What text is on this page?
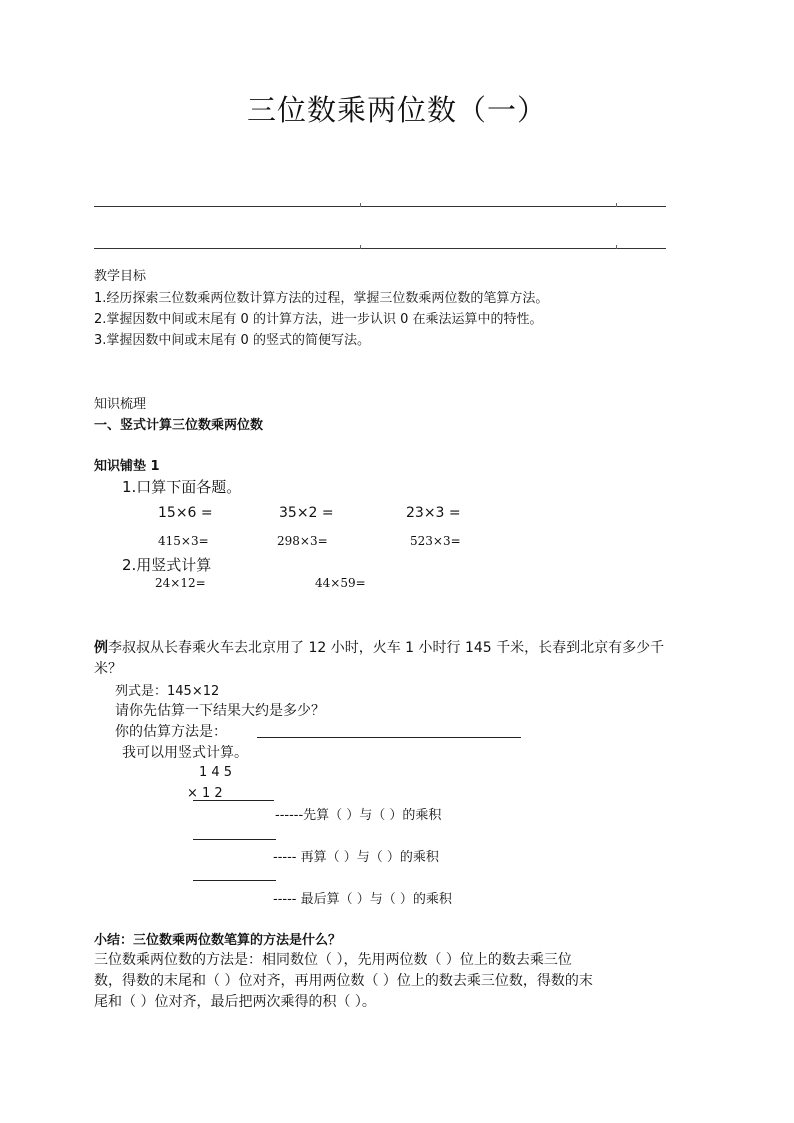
三位数乘两位数（一）
教学目标
1.经历探索三位数乘两位数计算方法的过程，掌握三位数乘两位数的笔算方法。
2.掌握因数中间或末尾有 0 的计算方法，进一步认识 0 在乘法运算中的特性。
3.掌握因数中间或末尾有 0 的竖式的简便写法。
知识梳理
一、竖式计算三位数乘两位数
知识铺垫 1
1.口算下面各题。
15×6 =	35×2 =	23×3 =
415×3=	298×3=	523×3=
2.用竖式计算
24×12=	44×59=
例李叔叔从长春乘火车去北京用了 12 小时，火车 1 小时行 145 千米，长春到北京有多少千
米？
列式是：145×12
请你先估算一下结果大约是多少？
你的估算方法是：
我可以用竖式计算。
1 4 5
× 1 2
------先算（ ）与（ ）的乘积
----- 再算（ ）与（ ）的乘积
----- 最后算（ ）与（ ）的乘积
小结：三位数乘两位数笔算的方法是什么？
三位数乘两位数的方法是：相同数位（ ），先用两位数（ ）位上的数去乘三位
数，得数的末尾和（ ）位对齐，再用两位数（ ）位上的数去乘三位数，得数的末
尾和（ ）位对齐，最后把两次乘得的积（ ）。
